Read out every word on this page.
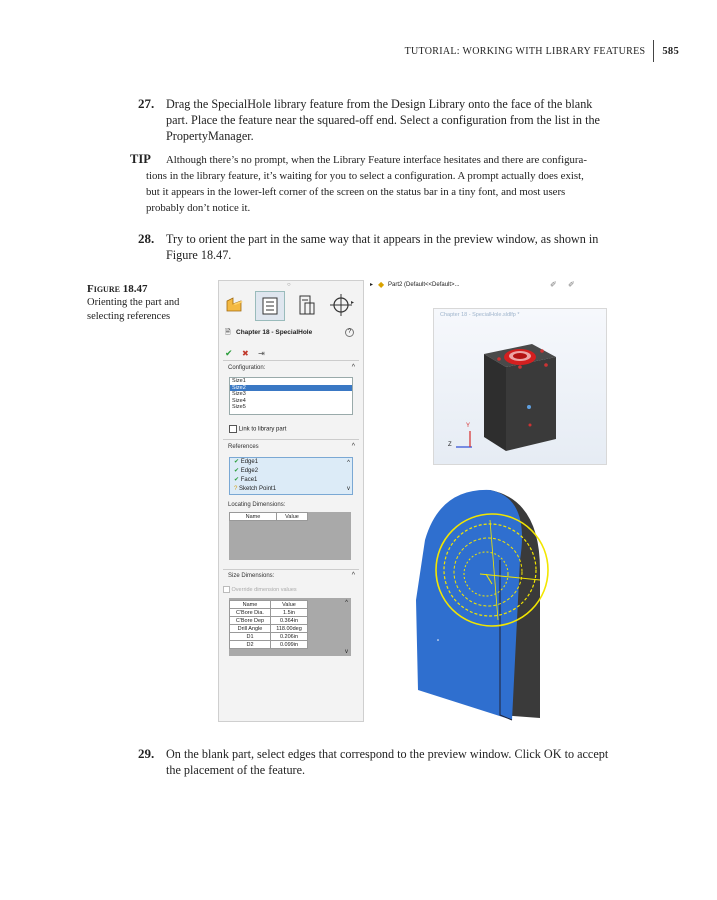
TUTORIAL: WORKING WITH LIBRARY FEATURES 585
27. Drag the SpecialHole library feature from the Design Library onto the face of the blank
part. Place the feature near the squared-off end. Select a configuration from the list in the
PropertyManager.
TIP Although there’s no prompt, when the Library Feature interface hesitates and there are configura-
tions in the library feature, it’s waiting for you to select a configuration. A prompt actually does exist,
but it appears in the lower-left corner of the screen on the status bar in a tiny font, and most users
probably don’t notice it.
28. Try to orient the part in the same way that it appears in the preview window, as shown in
Figure 18.47.
Figure 18.47
Orienting the part and
selecting references
○
▸
🗎 Chapter 18 - SpecialHole	?
✔ ✖ ⇥
Configuration:	^
Size1
Size2
Size3
Size4
Size5
Link to library part
References	^
✔ Edge1
✔ Edge2
✔ Face1
? Sketch Point1
^
v
Locating Dimensions:
Name	Value
Size Dimensions:	^
Override dimension values
Name	Value
C'Bore Dia.	1.5in
C'Bore Dep	0.364in
Drill Angle	118.00deg
D1	0.206in
D2	0.099in
^
v
▸ ◆ Part2 (Default<<Default>...	✐ ✐
Chapter 18 - SpecialHole.sldlfp *
Z
Y
29. On the blank part, select edges that correspond to the preview window. Click OK to accept
the placement of the feature.
